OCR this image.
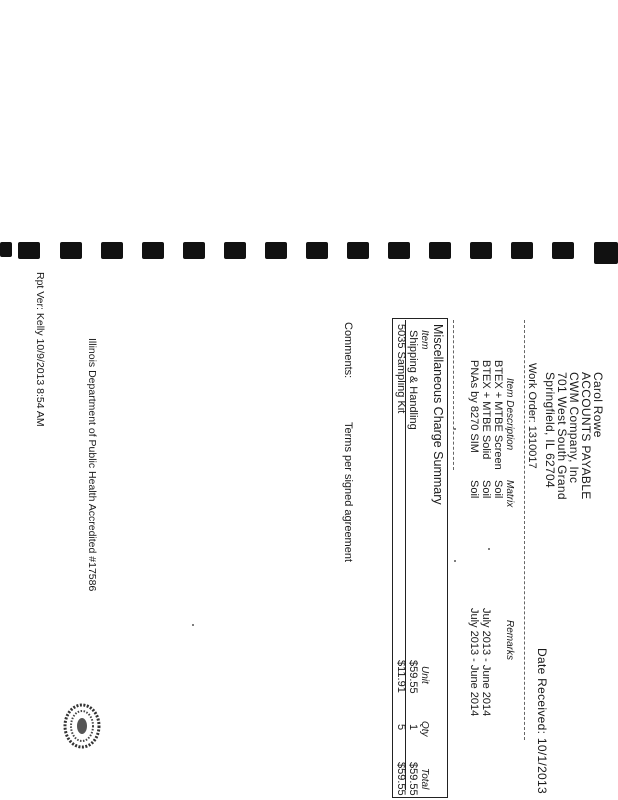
Carol Rowe
ACCOUNTS PAYABLE
CWM Company, Inc
701 West South Grand
Springfield, IL 62704
Date Received: 10/1/2013
Work Order: 1310017
Item Description
Matrix
Remarks
BTEX + MTBE Screen
Soil
BTEX + MTBE Solid
Soil
July 2013 - June 2014
PNAs by 8270 SIM
Soil
July 2013 - June 2014
Miscellaneous Charge Summary
Item
Unit
Qty
Total
Shipping & Handling
$59.55
1
$59.55
5035 Sampling Kit
$11.91
5
$59.55
Comments:
Terms per signed agreement
Illinois Department of Public Health Accredited #17586
Rpt Ver: Kelly 10/9/2013 8:54 AM
